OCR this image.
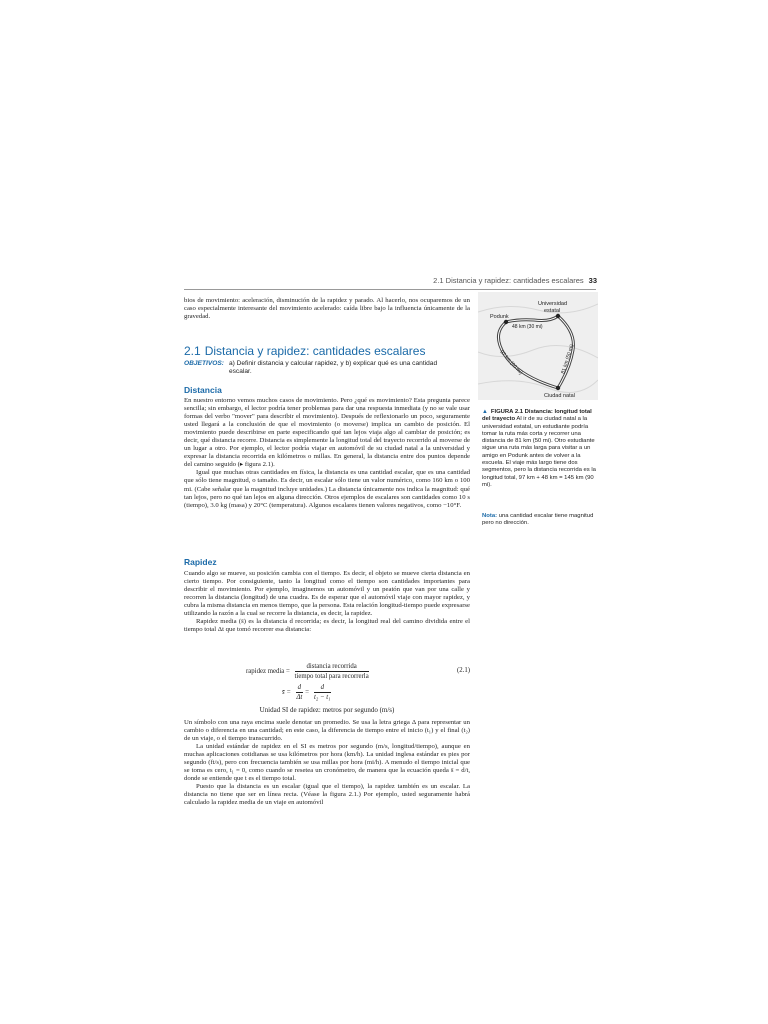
2.1 Distancia y rapidez: cantidades escalares 33

bios de movimiento: aceleración, disminución de la rapidez y parado. Al hacerlo, nos ocuparemos de un caso especialmente interesante del movimiento acelerado: caída libre bajo la influencia únicamente de la gravedad.

2.1 Distancia y rapidez: cantidades escalares
OBJETIVOS: a) Definir distancia y calcular rapidez, y b) explicar qué es una cantidad escalar.
Distancia

En nuestro entorno vemos muchos casos de movimiento. Pero ¿qué es movimiento? Esta pregunta parece sencilla; sin embargo, el lector podría tener problemas para dar una respuesta inmediata (y no se vale usar formas del verbo "mover" para describir el movimiento). Después de reflexionarlo un poco, seguramente usted llegará a la conclusión de que el movimiento (o moverse) implica un cambio de posición. El movimiento puede describirse en parte especificando qué tan lejos viaja algo al cambiar de posición; es decir, qué distancia recorre. Distancia es simplemente la longitud total del trayecto recorrido al moverse de un lugar a otro. Por ejemplo, el lector podría viajar en automóvil de su ciudad natal a la universidad y expresar la distancia recorrida en kilómetros o millas. En general, la distancia entre dos puntos depende del camino seguido (▸ figura 2.1).

Igual que muchas otras cantidades en física, la distancia es una cantidad escalar, que es una cantidad que sólo tiene magnitud, o tamaño. Es decir, un escalar sólo tiene un valor numérico, como 160 km o 100 mi. (Cabe señalar que la magnitud incluye unidades.) La distancia únicamente nos indica la magnitud: qué tan lejos, pero no qué tan lejos en alguna dirección. Otros ejemplos de escalares son cantidades como 10 s (tiempo), 3.0 kg (masa) y 20°C (temperatura). Algunos escalares tienen valores negativos, como −10°F.

Rapidez

Cuando algo se mueve, su posición cambia con el tiempo. Es decir, el objeto se mueve cierta distancia en cierto tiempo. Por consiguiente, tanto la longitud como el tiempo son cantidades importantes para describir el movimiento. Por ejemplo, imaginemos un automóvil y un peatón que van por una calle y recorren la distancia (longitud) de una cuadra. Es de esperar que el automóvil viaje con mayor rapidez, y cubra la misma distancia en menos tiempo, que la persona. Esta relación longitud-tiempo puede expresarse utilizando la razón a la cual se recorre la distancia, es decir, la rapidez.

Rapidez media (s̄) es la distancia d recorrida; es decir, la longitud real del camino dividida entre el tiempo total Δt que tomó recorrer esa distancia:

rapidez media = $\frac{\text{distancia recorrida}}{\text{tiempo total para recorrerla}}$	(2.1)
s̄ = $\frac{d}{\Delta t} = \frac{d}{\text{t₂ − t₁}}$
Unidad SI de rapidez: metros por segundo (m/s)

Un símbolo con una raya encima suele denotar un promedio. Se usa la letra griega Δ para representar un cambio o diferencia en una cantidad; en este caso, la diferencia de tiempo entre el inicio (t₁) y el final (t₂) de un viaje, o el tiempo transcurrido.

La unidad estándar de rapidez en el SI es metros por segundo (m/s, longitud/tiempo), aunque en muchas aplicaciones cotidianas se usa kilómetros por hora (km/h). La unidad inglesa estándar es pies por segundo (ft/s), pero con frecuencia también se usa millas por hora (mi/h). A menudo el tiempo inicial que se toma es cero, t₁ = 0, como cuando se resetea un cronómetro, de manera que la ecuación queda s̄ = d/t, donde se entiende que t es el tiempo total.

Puesto que la distancia es un escalar (igual que el tiempo), la rapidez también es un escalar. La distancia no tiene que ser en línea recta. (Véase la figura 2.1.) Por ejemplo, usted seguramente habrá calculado la rapidez media de un viaje en automóvil

Podunk
Universidad
estatal
Ciudad natal
48 km (30 mi)
97 km (60 mi)	81 km (50 mi)
▲ FIGURA 2.1 Distancia: longitud total del trayecto Al ir de su ciudad natal a la universidad estatal, un estudiante podría tomar la ruta más corta y recorrer una distancia de 81 km (50 mi). Otro estudiante sigue una ruta más larga para visitar a un amigo en Podunk antes de volver a la escuela. El viaje más largo tiene dos segmentos, pero la distancia recorrida es la longitud total, 97 km + 48 km = 145 km (90 mi).
Nota: una cantidad escalar tiene magnitud pero no dirección.
